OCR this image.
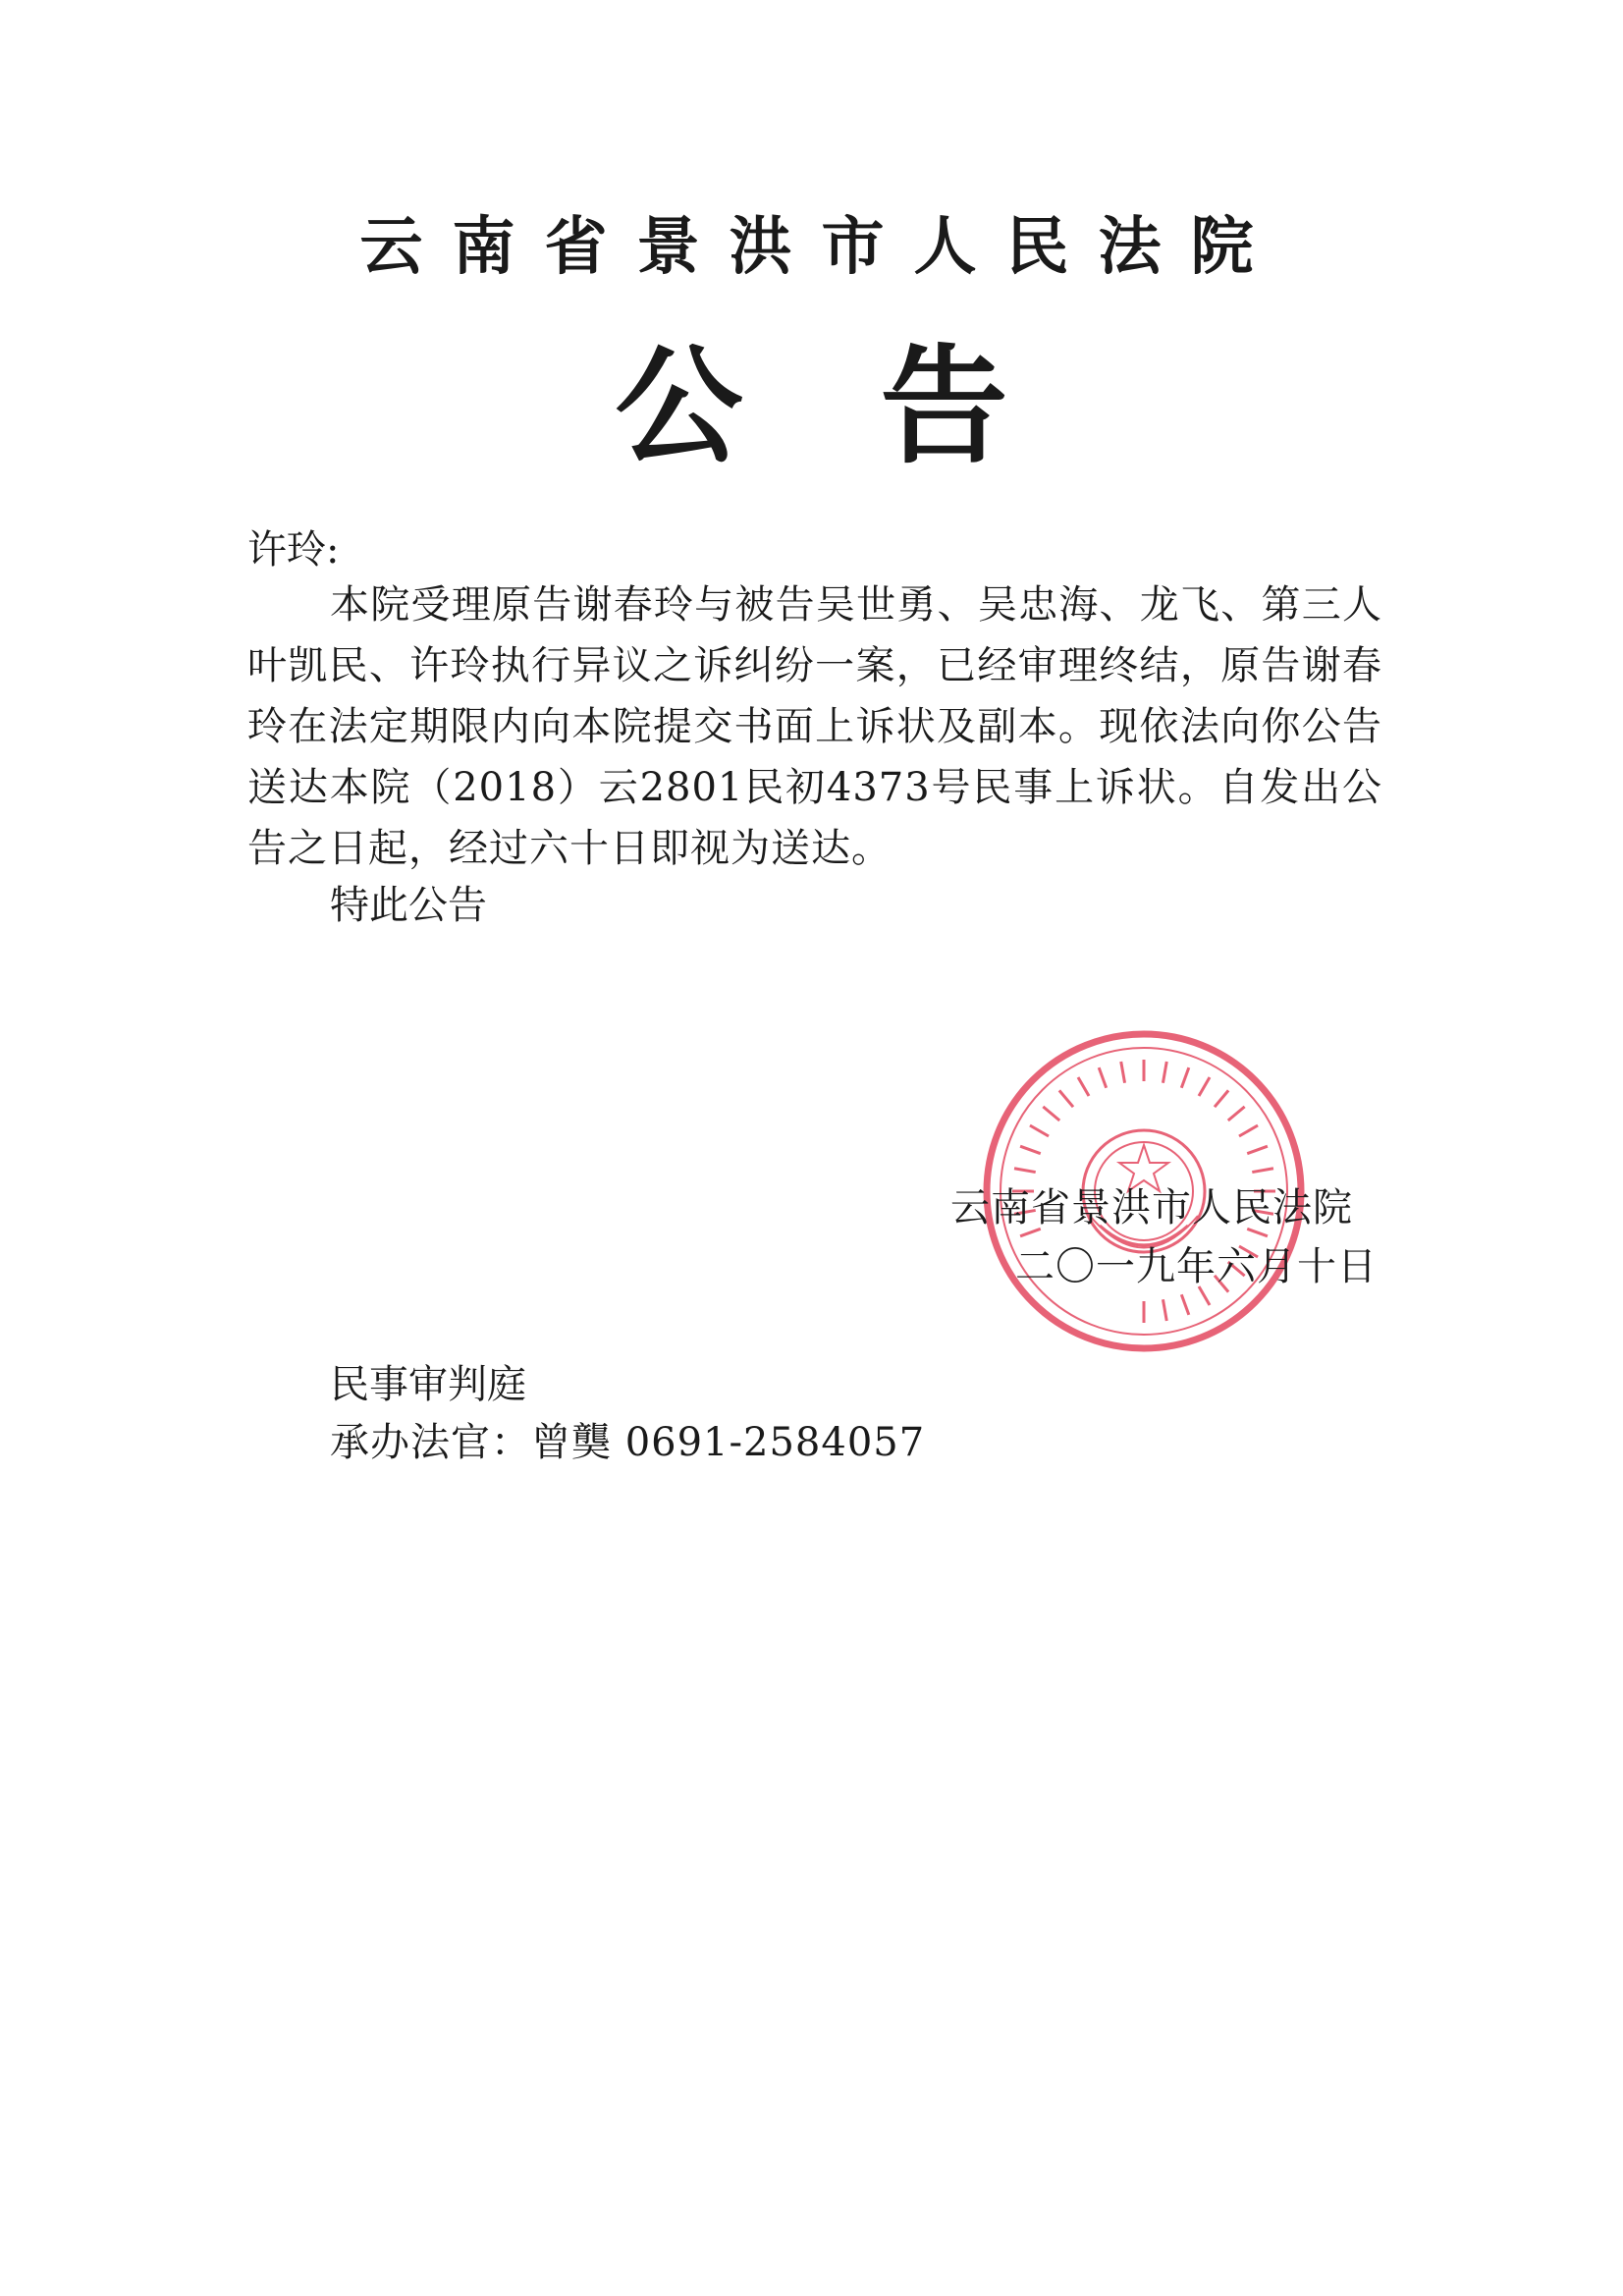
云南省景洪市人民法院
公告
许玲:
本院受理原告谢春玲与被告吴世勇、吴忠海、龙飞、第三人叶凯民、许玲执行异议之诉纠纷一案，已经审理终结，原告谢春玲在法定期限内向本院提交书面上诉状及副本。现依法向你公告送达本院（2018）云2801民初4373号民事上诉状。自发出公告之日起，经过六十日即视为送达。
特此公告
云南省景洪市人民法院
二〇一九年六月十日
民事审判庭
承办法官：曾龑 0691-2584057
